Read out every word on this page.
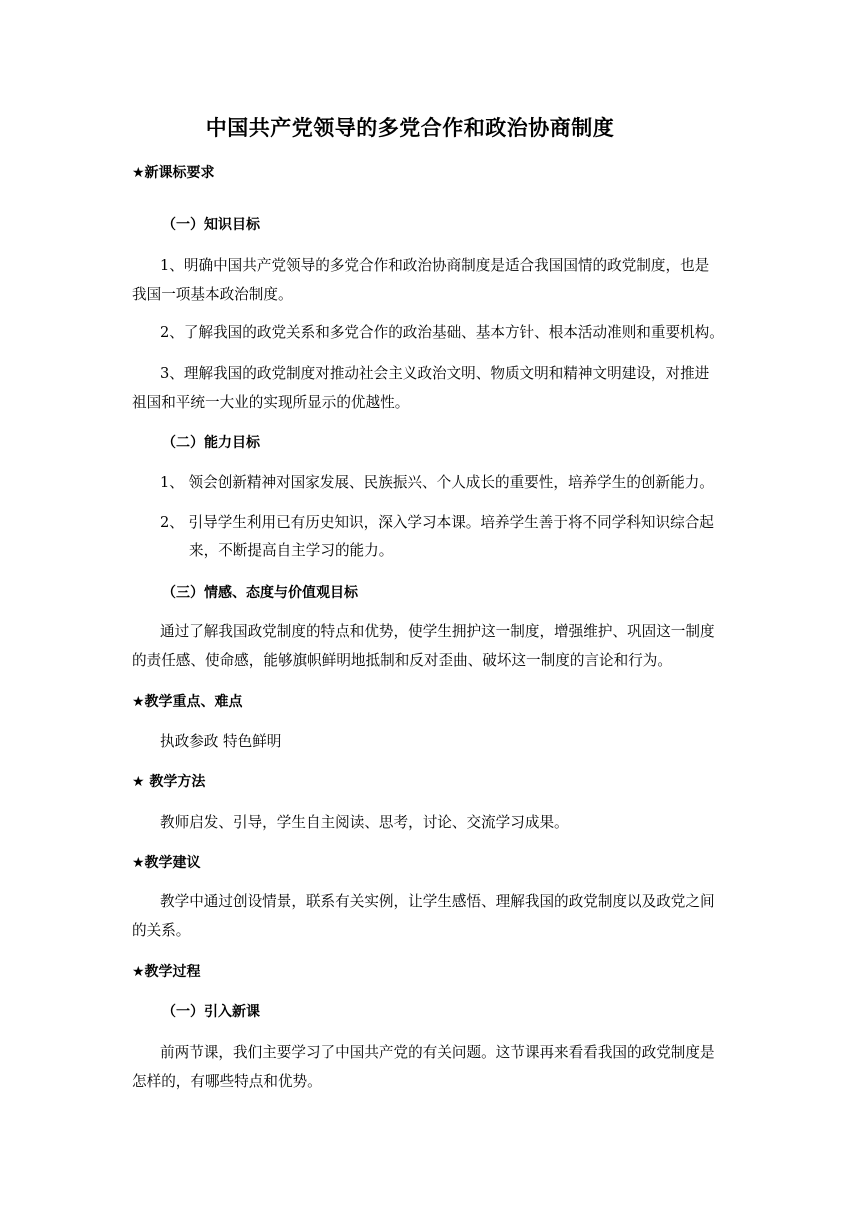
中国共产党领导的多党合作和政治协商制度
★新课标要求
（一）知识目标
1、明确中国共产党领导的多党合作和政治协商制度是适合我国国情的政党制度，也是
我国一项基本政治制度。
2、了解我国的政党关系和多党合作的政治基础、基本方针、根本活动准则和重要机构。
3、理解我国的政党制度对推动社会主义政治文明、物质文明和精神文明建设，对推进
祖国和平统一大业的实现所显示的优越性。
（二）能力目标
1、 领会创新精神对国家发展、民族振兴、个人成长的重要性，培养学生的创新能力。
2、 引导学生利用已有历史知识，深入学习本课。培养学生善于将不同学科知识综合起
来，不断提高自主学习的能力。
（三）情感、态度与价值观目标
通过了解我国政党制度的特点和优势，使学生拥护这一制度，增强维护、巩固这一制度
的责任感、使命感，能够旗帜鲜明地抵制和反对歪曲、破坏这一制度的言论和行为。
★教学重点、难点
执政参政 特色鲜明
★ 教学方法
教师启发、引导，学生自主阅读、思考，讨论、交流学习成果。
★教学建议
教学中通过创设情景，联系有关实例，让学生感悟、理解我国的政党制度以及政党之间
的关系。
★教学过程
（一）引入新课
前两节课，我们主要学习了中国共产党的有关问题。这节课再来看看我国的政党制度是
怎样的，有哪些特点和优势。
